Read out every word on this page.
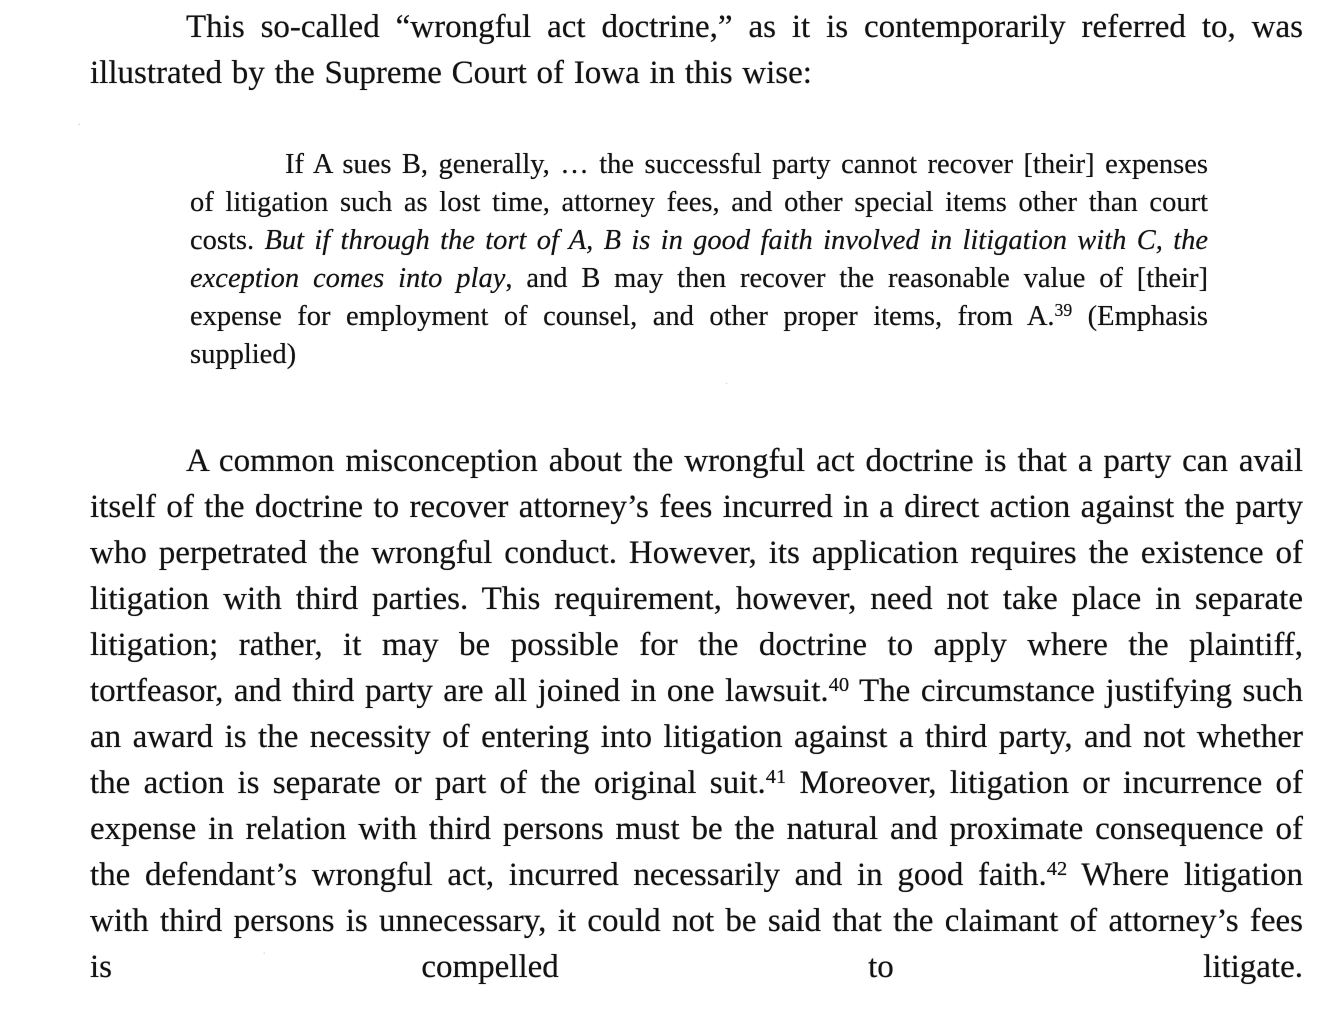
This so-called “wrongful act doctrine,” as it is contemporarily referred to, was illustrated by the Supreme Court of Iowa in this wise:

If A sues B, generally, … the successful party cannot recover [their] expenses of litigation such as lost time, attorney fees, and other special items other than court costs. But if through the tort of A, B is in good faith involved in litigation with C, the exception comes into play, and B may then recover the reasonable value of [their] expense for employment of counsel, and other proper items, from A.$^{39}$ (Emphasis supplied)

A common misconception about the wrongful act doctrine is that a party can avail itself of the doctrine to recover attorney’s fees incurred in a direct action against the party who perpetrated the wrongful conduct. However, its application requires the existence of litigation with third parties. This requirement, however, need not take place in separate litigation; rather, it may be possible for the doctrine to apply where the plaintiff, tortfeasor, and third party are all joined in one lawsuit.$^{40}$ The circumstance justifying such an award is the necessity of entering into litigation against a third party, and not whether the action is separate or part of the original suit.$^{41}$ Moreover, litigation or incurrence of expense in relation with third persons must be the natural and proximate consequence of the defendant’s wrongful act, incurred necessarily and in good faith.$^{42}$ Where litigation with third persons is unnecessary, it could not be said that the claimant of attorney’s fees is compelled to litigate.
